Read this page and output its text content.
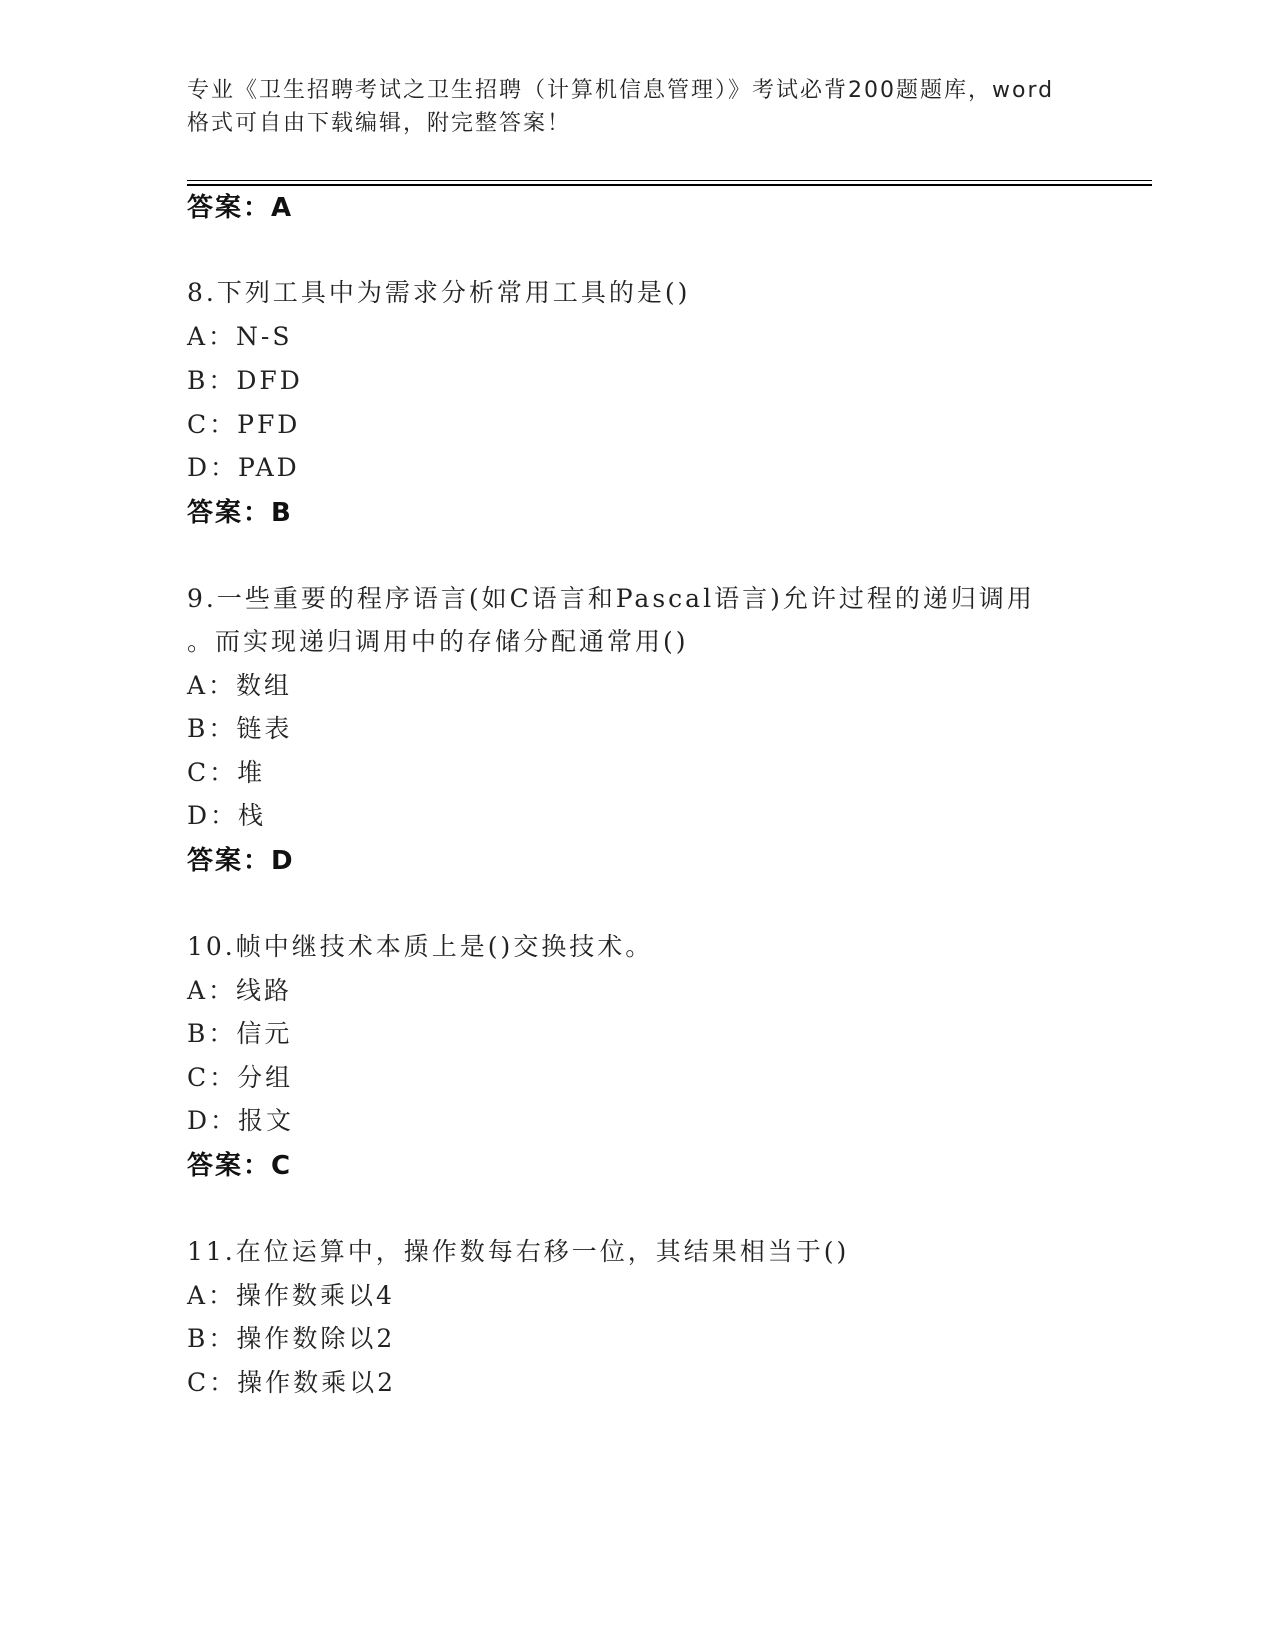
专业《卫生招聘考试之卫生招聘（计算机信息管理）》考试必背200题题库，word
格式可自由下载编辑，附完整答案！
答案：A
8.下列工具中为需求分析常用工具的是()
A：N-S
B：DFD
C：PFD
D：PAD
答案：B
9.一些重要的程序语言(如C语言和Pascal语言)允许过程的递归调用
。而实现递归调用中的存储分配通常用()
A：数组
B：链表
C：堆
D：栈
答案：D
10.帧中继技术本质上是()交换技术。
A：线路
B：信元
C：分组
D：报文
答案：C
11.在位运算中，操作数每右移一位，其结果相当于()
A：操作数乘以4
B：操作数除以2
C：操作数乘以2
